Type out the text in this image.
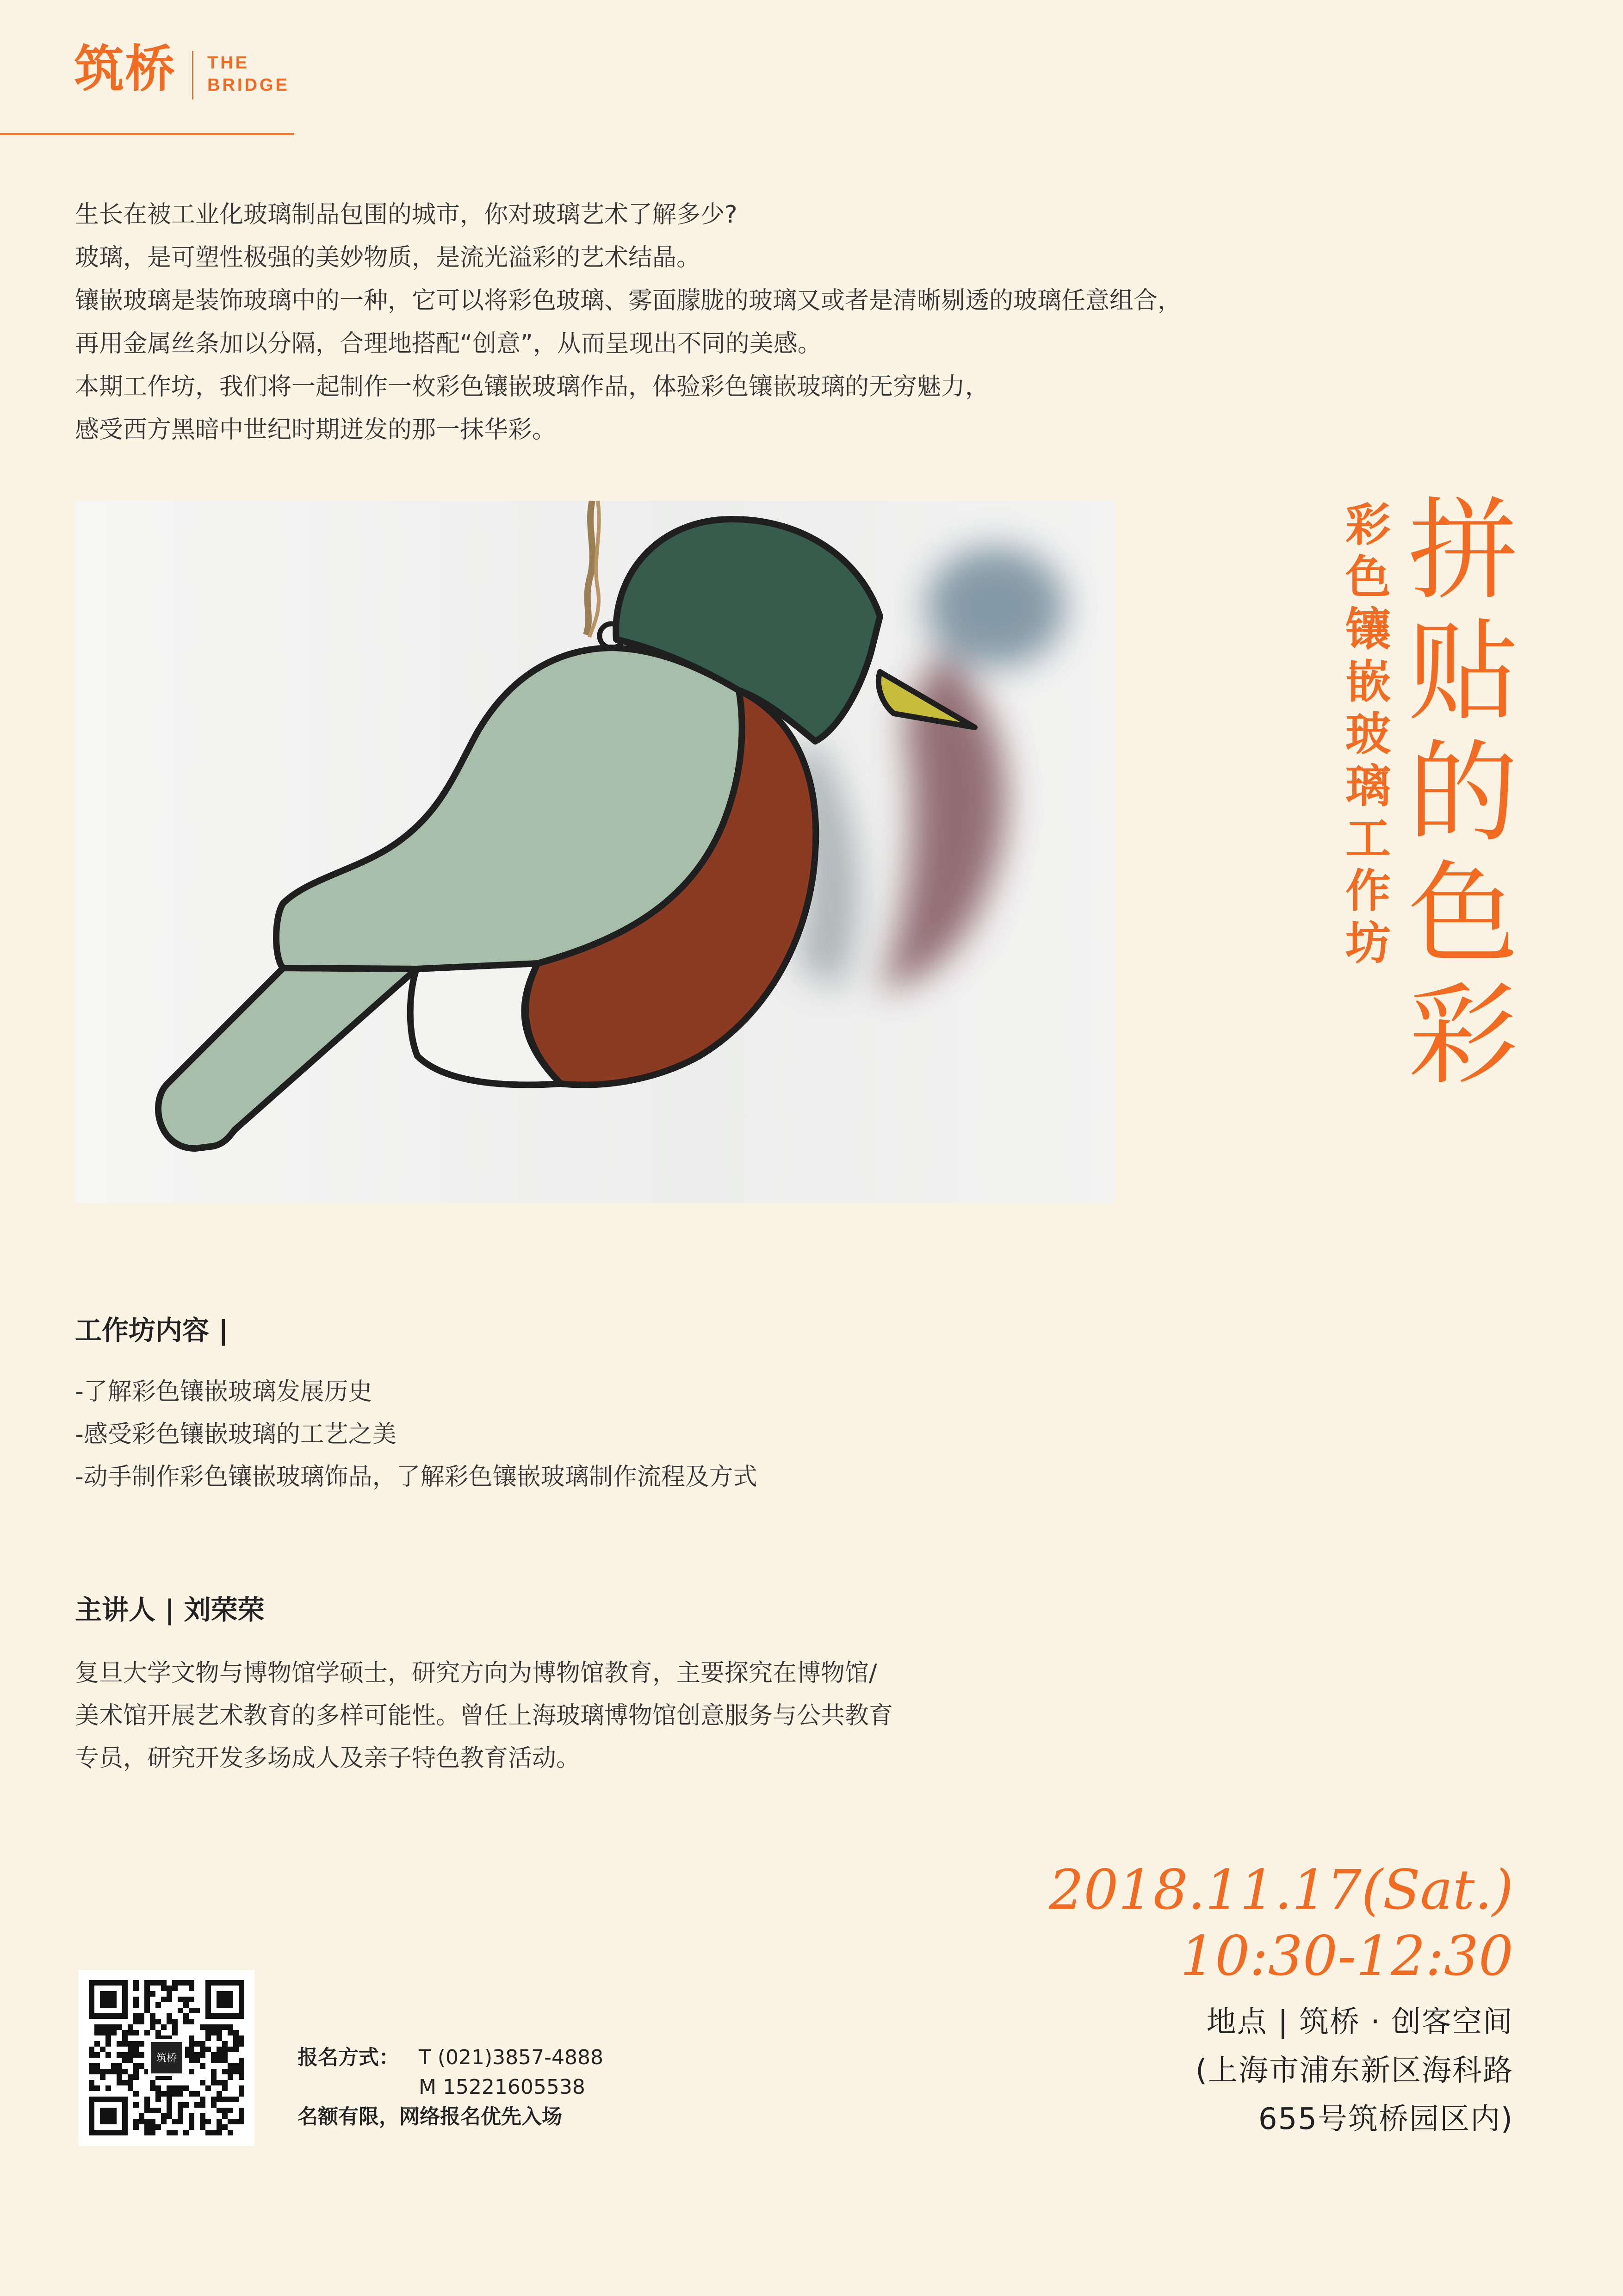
筑桥 THE
BRIDGE
生长在被工业化玻璃制品包围的城市，你对玻璃艺术了解多少?
玻璃，是可塑性极强的美妙物质，是流光溢彩的艺术结晶。
镶嵌玻璃是装饰玻璃中的一种，它可以将彩色玻璃、雾面朦胧的玻璃又或者是清晰剔透的玻璃任意组合，
再用金属丝条加以分隔，合理地搭配“创意”，从而呈现出不同的美感。
本期工作坊，我们将一起制作一枚彩色镶嵌玻璃作品，体验彩色镶嵌玻璃的无穷魅力，
感受西方黑暗中世纪时期迸发的那一抹华彩。
拼贴的色彩
彩色镶嵌玻璃工作坊
工作坊内容 |
-了解彩色镶嵌玻璃发展历史
-感受彩色镶嵌玻璃的工艺之美
-动手制作彩色镶嵌玻璃饰品，了解彩色镶嵌玻璃制作流程及方式
主讲人 | 刘荣荣
复旦大学文物与博物馆学硕士，研究方向为博物馆教育，主要探究在博物馆/
美术馆开展艺术教育的多样可能性。曾任上海玻璃博物馆创意服务与公共教育
专员，研究开发多场成人及亲子特色教育活动。
2018.11.17(Sat.)
10:30-12:30
地点 | 筑桥 · 创客空间
(上海市浦东新区海科路
655号筑桥园区内)
筑桥	报名方式： T (021)3857-4888
M 15221605538
名额有限，网络报名优先入场
